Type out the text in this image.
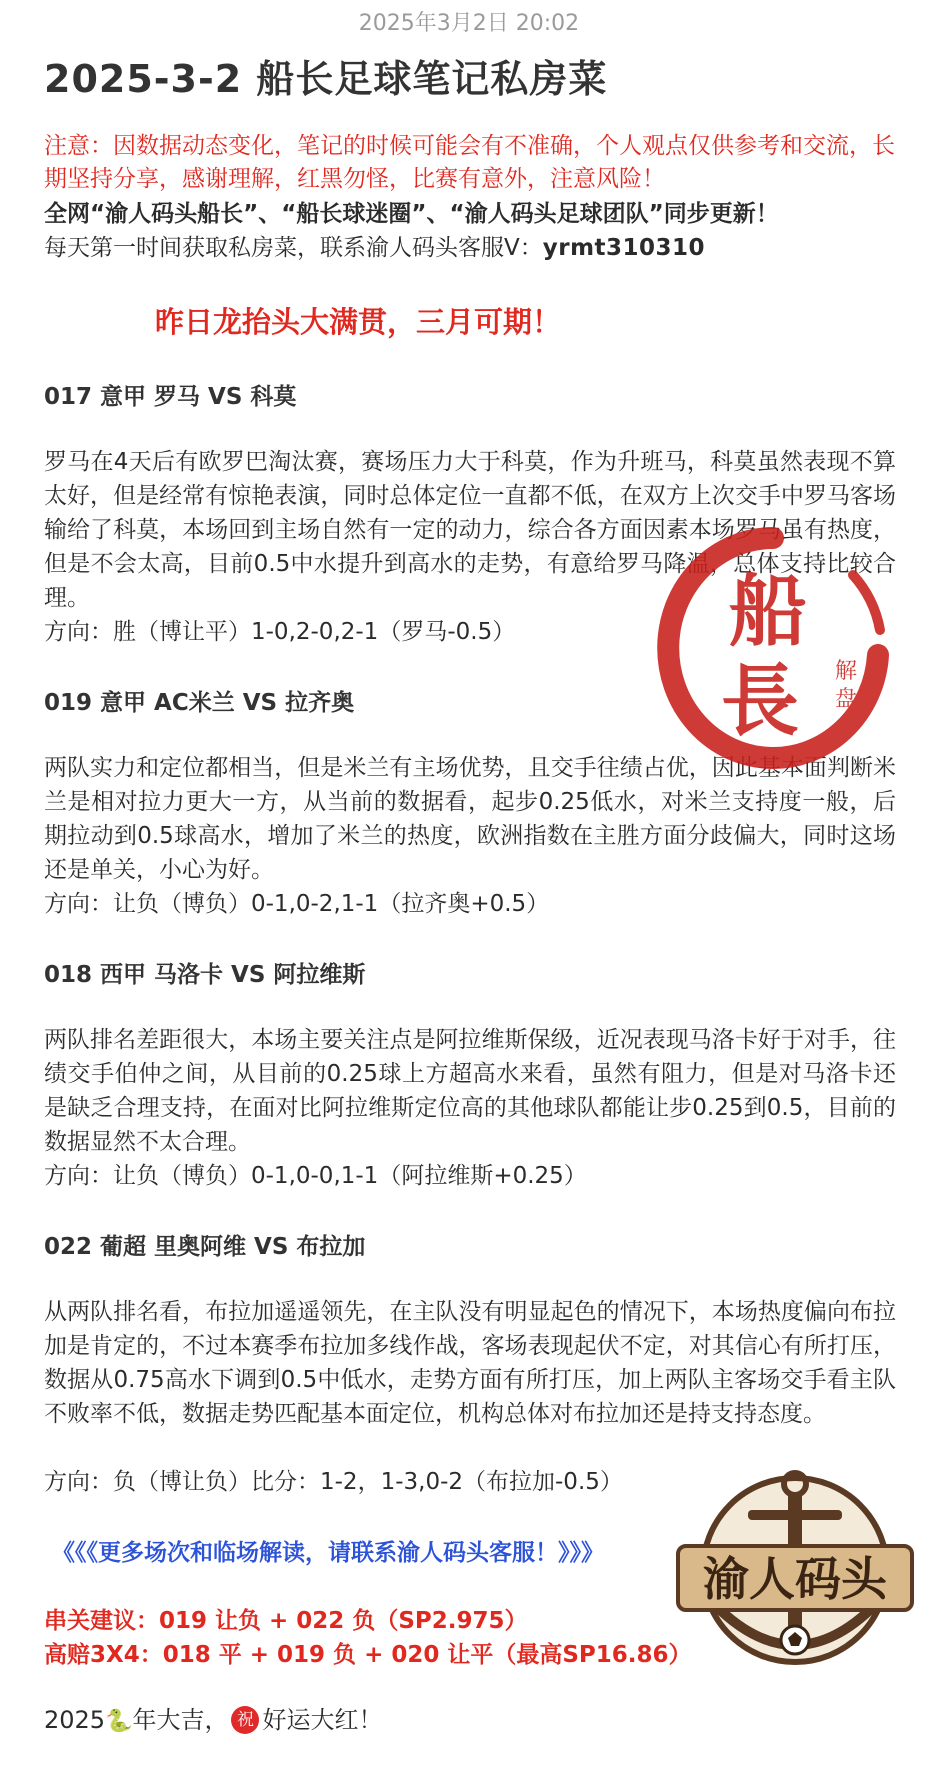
2025年3月2日 20:02
2025-3-2 船长足球笔记私房菜
注意：因数据动态变化，笔记的时候可能会有不准确，个人观点仅供参考和交流，长期坚持分享，感谢理解，红黑勿怪，比赛有意外，注意风险！
全网“渝人码头船长”、“船长球迷圈”、“渝人码头足球团队”同步更新！
每天第一时间获取私房菜，联系渝人码头客服V：yrmt310310
昨日龙抬头大满贯，三月可期！
017 意甲 罗马 VS 科莫
罗马在4天后有欧罗巴淘汰赛，赛场压力大于科莫，作为升班马，科莫虽然表现不算太好，但是经常有惊艳表演，同时总体定位一直都不低，在双方上次交手中罗马客场输给了科莫，本场回到主场自然有一定的动力，综合各方面因素本场罗马虽有热度，但是不会太高，目前0.5中水提升到高水的走势，有意给罗马降温，总体支持比较合理。
方向：胜（博让平）1-0,2-0,2-1（罗马-0.5）
019 意甲 AC米兰 VS 拉齐奥
两队实力和定位都相当，但是米兰有主场优势，且交手往绩占优，因此基本面判断米兰是相对拉力更大一方，从当前的数据看，起步0.25低水，对米兰支持度一般，后期拉动到0.5球高水，增加了米兰的热度，欧洲指数在主胜方面分歧偏大，同时这场还是单关，小心为好。
方向：让负（博负）0-1,0-2,1-1（拉齐奥+0.5）
018 西甲 马洛卡 VS 阿拉维斯
两队排名差距很大，本场主要关注点是阿拉维斯保级，近况表现马洛卡好于对手，往绩交手伯仲之间，从目前的0.25球上方超高水来看，虽然有阻力，但是对马洛卡还是缺乏合理支持，在面对比阿拉维斯定位高的其他球队都能让步0.25到0.5，目前的数据显然不太合理。
方向：让负（博负）0-1,0-0,1-1（阿拉维斯+0.25）
022 葡超 里奥阿维 VS 布拉加
从两队排名看，布拉加遥遥领先，在主队没有明显起色的情况下，本场热度偏向布拉加是肯定的，不过本赛季布拉加多线作战，客场表现起伏不定，对其信心有所打压，数据从0.75高水下调到0.5中低水，走势方面有所打压，加上两队主客场交手看主队不败率不低，数据走势匹配基本面定位，机构总体对布拉加还是持支持态度。
方向：负（博让负）比分：1-2，1-3,0-2（布拉加-0.5）
《《《更多场次和临场解读，请联系渝人码头客服！》》》
串关建议：019 让负 + 022 负（SP2.975）
高赔3X4：018 平 + 019 负 + 020 让平（最高SP16.86）
2025🐍年大吉， 祝 好运大红！
船
長 解
盘
渝人码头
